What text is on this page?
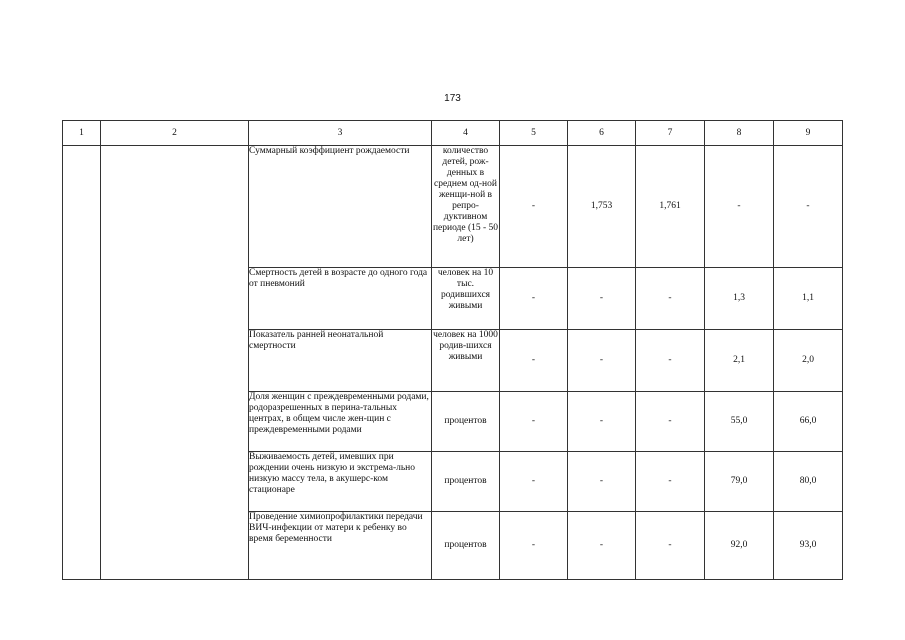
173
1	2	3	4	5	6	7	8	9
		Суммарный коэффициент рождаемости	количество детей, рож-денных в среднем од-ной женщи-ной в репро-дуктивном периоде (15 - 50 лет)	-	1,753	1,761	-	-
		Смертность детей в возрасте до одного года от пневмоний	человек на 10 тыс. родившихся живыми	-	-	-	1,3	1,1
		Показатель ранней неонатальной смертности	человек на 1000 родив-шихся живыми	-	-	-	2,1	2,0
		Доля женщин с преждевременными родами, родоразрешенных в перина-тальных центрах, в общем числе жен-щин с преждевременными родами	процентов	-	-	-	55,0	66,0
		Выживаемость детей, имевших при рождении очень низкую и экстрема-льно низкую массу тела, в акушерс-ком стационаре	процентов	-	-	-	79,0	80,0
		Проведение химиопрофилактики передачи ВИЧ-инфекции от матери к ребенку во время беременности	процентов	-	-	-	92,0	93,0
